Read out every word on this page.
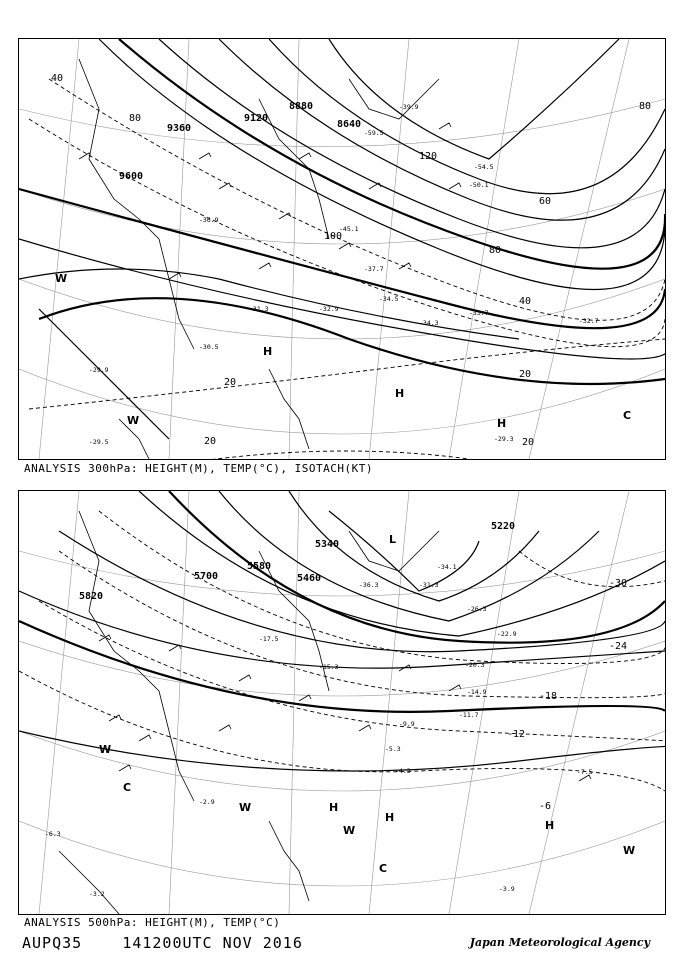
9600
9360
9120
8880
8640
40
60
80
100
120
20
20
20	20
40
80
80
-33.7
-34.5
-32.9
-31.3
-29.9
-29.5
-37.7
-45.1
-50.1
-54.5
-59.5
-39.9
-36.9
-30.5
-32.7
-34.3
-29.3
H
H
H
W
W	C
ANALYSIS 300hPa: HEIGHT(M), TEMP(°C), ISOTACH(KT)
5820
5700
5580
5460
5340
5220
-30
-24
-18
-12
-6
-7.5
-3.9
-4.3
-5.3
-11.7
-14.9
-20.3
-26.3
-31.3
-36.3
-34.1
-2.9
-3.2
-6.3
-9.9
-15.3
-17.5
-22.9
L
H
H
H
W
W
W
W
C
C
ANALYSIS 500hPa: HEIGHT(M), TEMP(°C)
AUPQ35	141200UTC NOV 2016	Japan Meteorological Agency
